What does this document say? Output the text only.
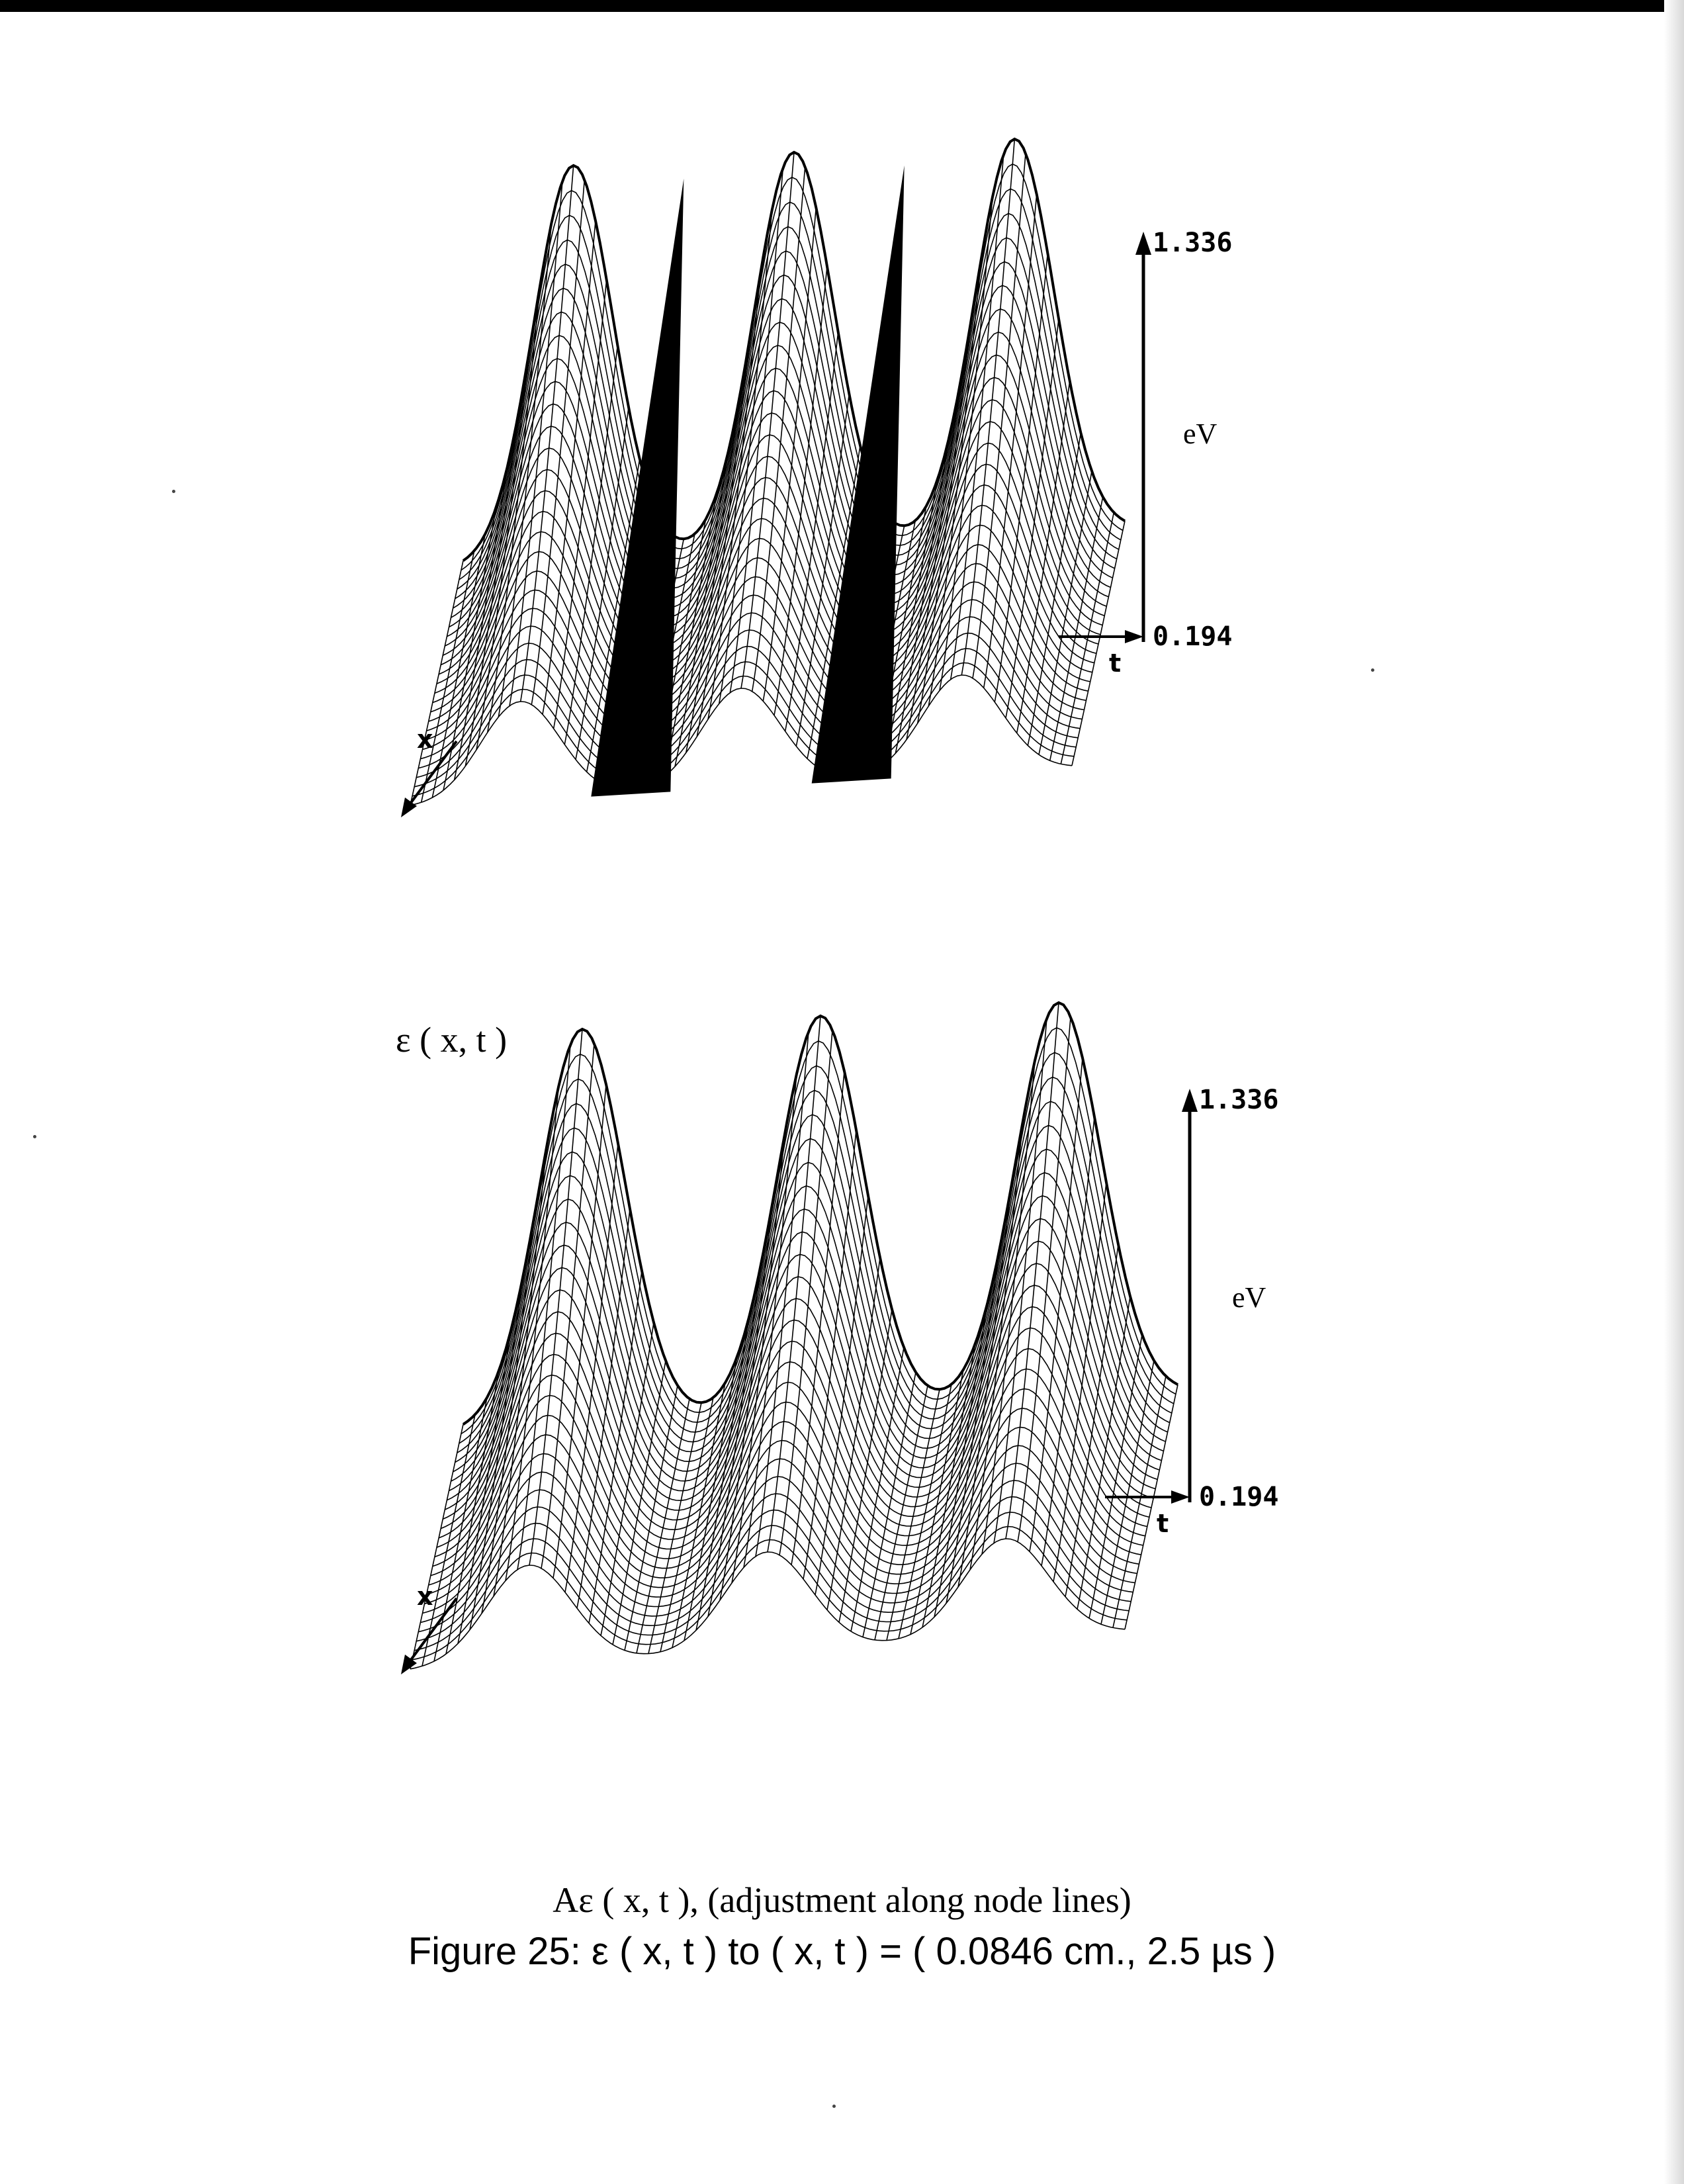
1.336
0.194
eV
x
t
ε ( x, t )
1.336
0.194
eV
x
t
Aε ( x, t ), (adjustment along node lines)
Figure 25: ε ( x, t ) to ( x, t ) = ( 0.0846 cm., 2.5 µs )
